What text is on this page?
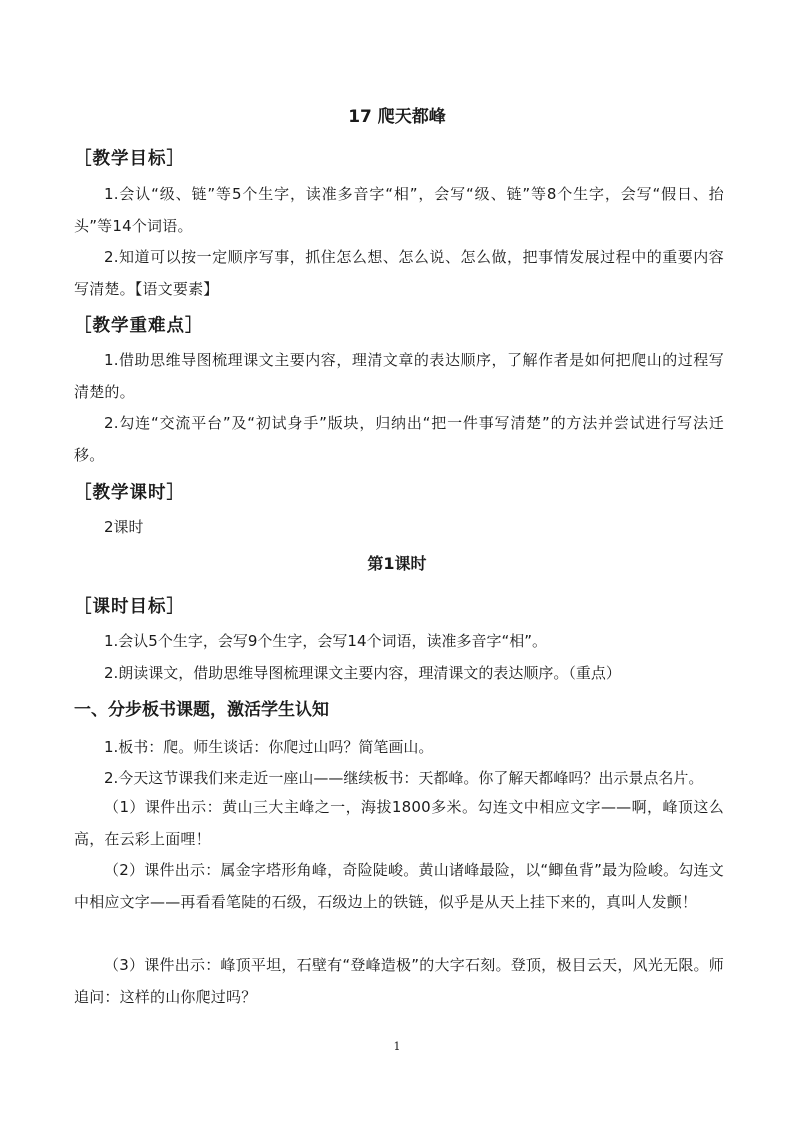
17 爬天都峰
［教学目标］
1.会认“级、链”等5个生字，读准多音字“相”，会写“级、链”等8个生字，会写“假日、抬头”等14个词语。
2.知道可以按一定顺序写事，抓住怎么想、怎么说、怎么做，把事情发展过程中的重要内容写清楚。【语文要素】
［教学重难点］
1.借助思维导图梳理课文主要内容，理清文章的表达顺序，了解作者是如何把爬山的过程写清楚的。
2.勾连“交流平台”及“初试身手”版块，归纳出“把一件事写清楚”的方法并尝试进行写法迁移。
［教学课时］
2课时
第1课时
［课时目标］
1.会认5个生字，会写9个生字，会写14个词语，读准多音字“相”。
2.朗读课文，借助思维导图梳理课文主要内容，理清课文的表达顺序。（重点）
一、分步板书课题，激活学生认知
1.板书：爬。师生谈话：你爬过山吗？简笔画山。
2.今天这节课我们来走近一座山——继续板书：天都峰。你了解天都峰吗？出示景点名片。
（1）课件出示：黄山三大主峰之一，海拔1800多米。勾连文中相应文字——啊，峰顶这么高，在云彩上面哩！
（2）课件出示：属金字塔形角峰，奇险陡峻。黄山诸峰最险，以“鲫鱼背”最为险峻。勾连文中相应文字——再看看笔陡的石级，石级边上的铁链，似乎是从天上挂下来的，真叫人发颤！
（3）课件出示：峰顶平坦，石壁有“登峰造极”的大字石刻。登顶，极目云天，风光无限。师追问：这样的山你爬过吗？
1
